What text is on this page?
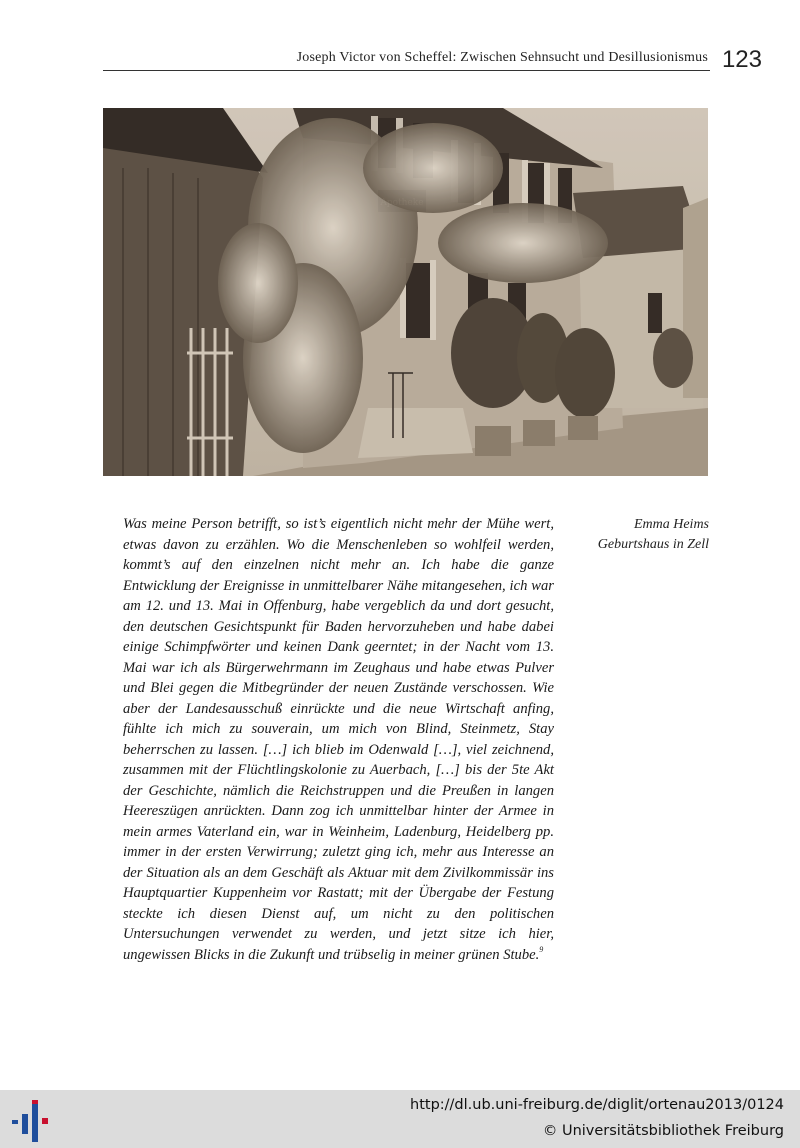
Joseph Victor von Scheffel: Zwischen Sehnsucht und Desillusionismus 123
Emma Heims
Geburtshaus in Zell
Was meine Person betrifft, so ist’s eigentlich nicht mehr der Mühe wert, etwas davon zu erzählen. Wo die Menschenleben so wohlfeil werden, kommt’s auf den einzelnen nicht mehr an. Ich habe die ganze Entwicklung der Ereignisse in unmittelbarer Nähe mitangesehen, ich war am 12. und 13. Mai in Offenburg, habe vergeblich da und dort gesucht, den deutschen Gesichtspunkt für Baden hervorzuheben und habe dabei einige Schimpfwörter und keinen Dank geerntet; in der Nacht vom 13. Mai war ich als Bürgerwehrmann im Zeughaus und habe etwas Pulver und Blei gegen die Mitbegründer der neuen Zustände verschossen. Wie aber der Landesausschuß einrückte und die neue Wirtschaft anfing, fühlte ich mich zu souverain, um mich von Blind, Steinmetz, Stay beherrschen zu lassen. […] ich blieb im Odenwald […], viel zeichnend, zusammen mit der Flüchtlingskolonie zu Auerbach, […] bis der 5te Akt der Geschichte, nämlich die Reichstruppen und die Preußen in langen Heereszügen anrückten. Dann zog ich unmittelbar hinter der Armee in mein armes Vaterland ein, war in Weinheim, Ladenburg, Heidelberg pp. immer in der ersten Verwirrung; zuletzt ging ich, mehr aus Interesse an der Situation als an dem Geschäft als Aktuar mit dem Zivilkommissär ins Hauptquartier Kuppenheim vor Rastatt; mit der Übergabe der Festung steckte ich diesen Dienst auf, um nicht zu den politischen Untersuchungen verwendet zu werden, und jetzt sitze ich hier, ungewissen Blicks in die Zukunft und trübselig in meiner grünen Stube.$^9$
http://dl.ub.uni-freiburg.de/diglit/ortenau2013/0124
© Universitätsbibliothek Freiburg
